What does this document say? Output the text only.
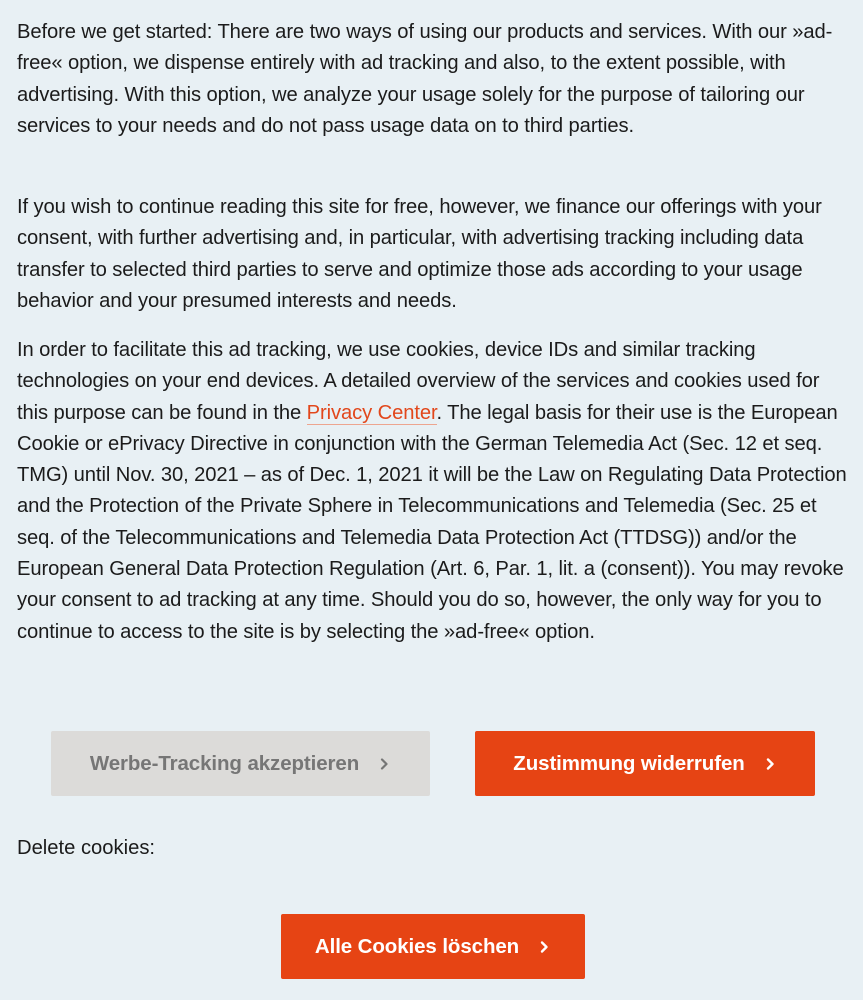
Before we get started: There are two ways of using our products and services. With our »ad-free« option, we dispense entirely with ad tracking and also, to the extent possible, with advertising. With this option, we analyze your usage solely for the purpose of tailoring our services to your needs and do not pass usage data on to third parties.

If you wish to continue reading this site for free, however, we finance our offerings with your consent, with further advertising and, in particular, with advertising tracking including data transfer to selected third parties to serve and optimize those ads according to your usage behavior and your presumed interests and needs.

In order to facilitate this ad tracking, we use cookies, device IDs and similar tracking technologies on your end devices. A detailed overview of the services and cookies used for this purpose can be found in the Privacy Center. The legal basis for their use is the European Cookie or ePrivacy Directive in conjunction with the German Telemedia Act (Sec. 12 et seq. TMG) until Nov. 30, 2021 – as of Dec. 1, 2021 it will be the Law on Regulating Data Protection and the Protection of the Private Sphere in Telecommunications and Telemedia (Sec. 25 et seq. of the Telecommunications and Telemedia Data Protection Act (TTDSG)) and/or the European General Data Protection Regulation (Art. 6, Par. 1, lit. a (consent)). You may revoke your consent to ad tracking at any time. Should you do so, however, the only way for you to continue to access to the site is by selecting the »ad-free« option.

Werbe-Tracking akzeptieren	Zustimmung widerrufen

Delete cookies:

Alle Cookies löschen
